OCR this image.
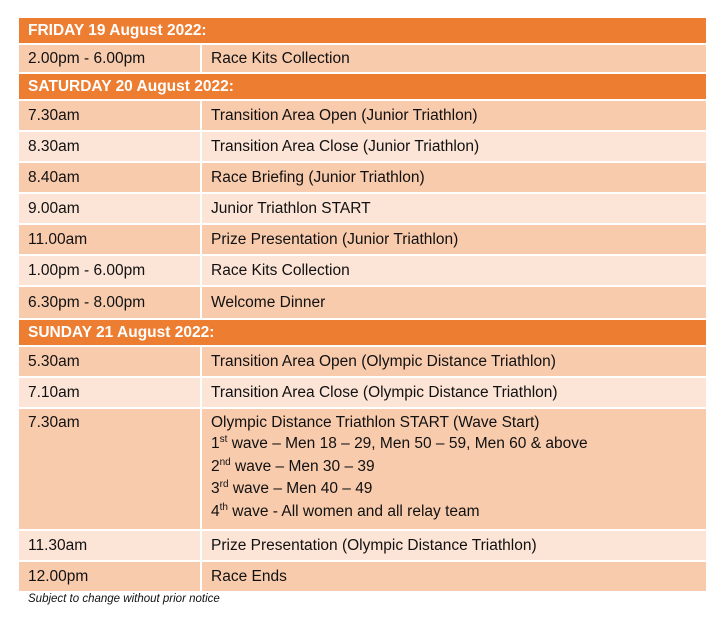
FRIDAY 19 August 2022:	
2.00pm - 6.00pm	Race Kits Collection
SATURDAY 20 August 2022:	
7.30am	Transition Area Open (Junior Triathlon)
8.30am	Transition Area Close (Junior Triathlon)
8.40am	Race Briefing (Junior Triathlon)
9.00am	Junior Triathlon START
11.00am	Prize Presentation (Junior Triathlon)
1.00pm - 6.00pm	Race Kits Collection
6.30pm - 8.00pm	Welcome Dinner
SUNDAY 21 August 2022:	
5.30am	Transition Area Open (Olympic Distance Triathlon)
7.10am	Transition Area Close (Olympic Distance Triathlon)
7.30am	Olympic Distance Triathlon START (Wave Start)
1st wave – Men 18 – 29, Men 50 – 59, Men 60 & above
2nd wave – Men 30 – 39
3rd wave – Men 40 – 49
4th wave - All women and all relay team

11.30am	Prize Presentation (Olympic Distance Triathlon)
12.00pm	Race Ends
Subject to change without prior notice
